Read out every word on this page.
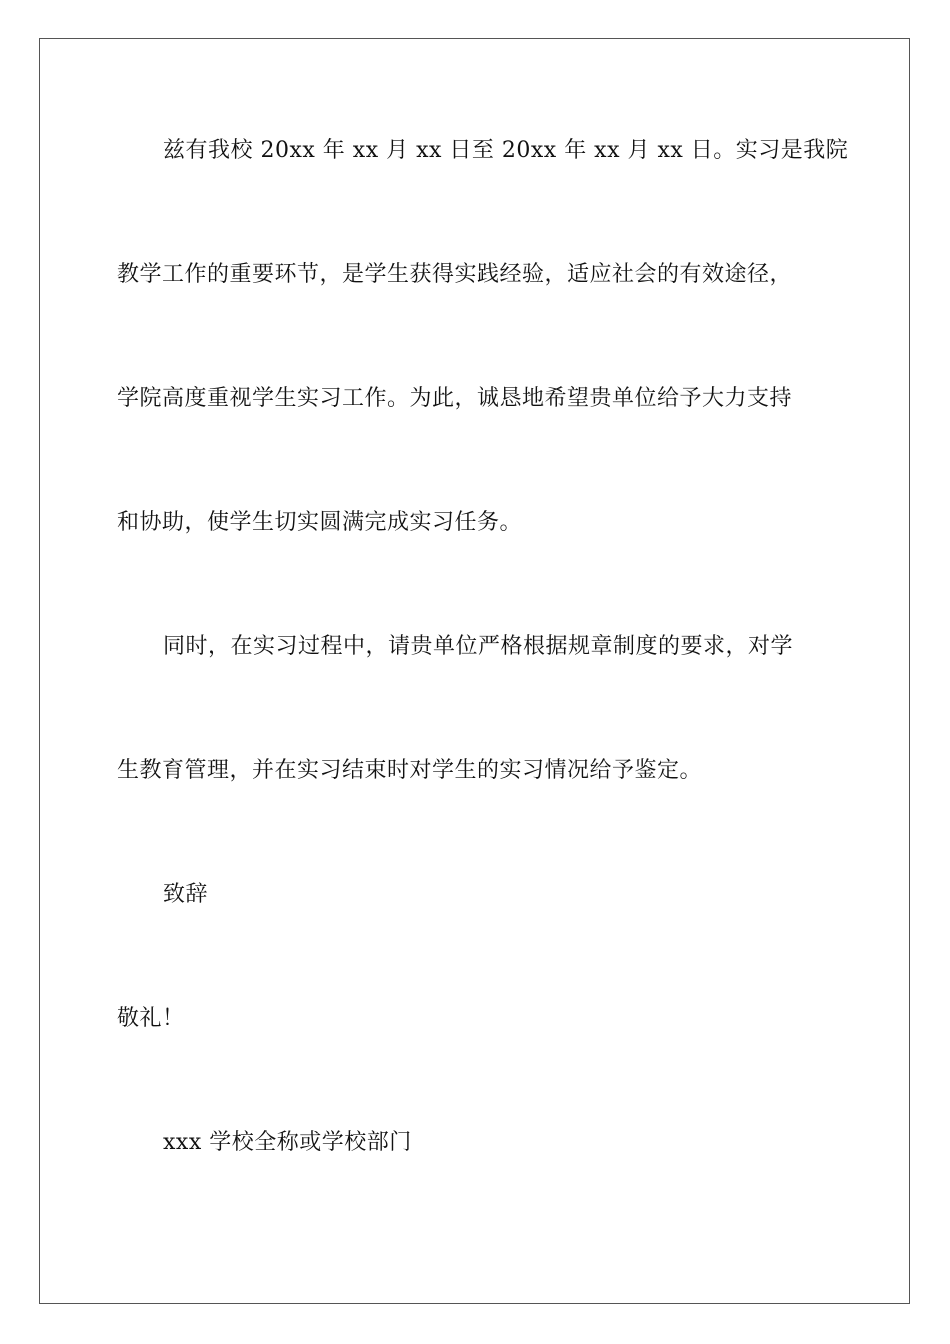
兹有我校 20xx 年 xx 月 xx 日至 20xx 年 xx 月 xx 日。实习是我院
教学工作的重要环节，是学生获得实践经验，适应社会的有效途径，
学院高度重视学生实习工作。为此，诚恳地希望贵单位给予大力支持
和协助，使学生切实圆满完成实习任务。
同时，在实习过程中，请贵单位严格根据规章制度的要求，对学
生教育管理，并在实习结束时对学生的实习情况给予鉴定。
致辞
敬礼！
xxx 学校全称或学校部门
